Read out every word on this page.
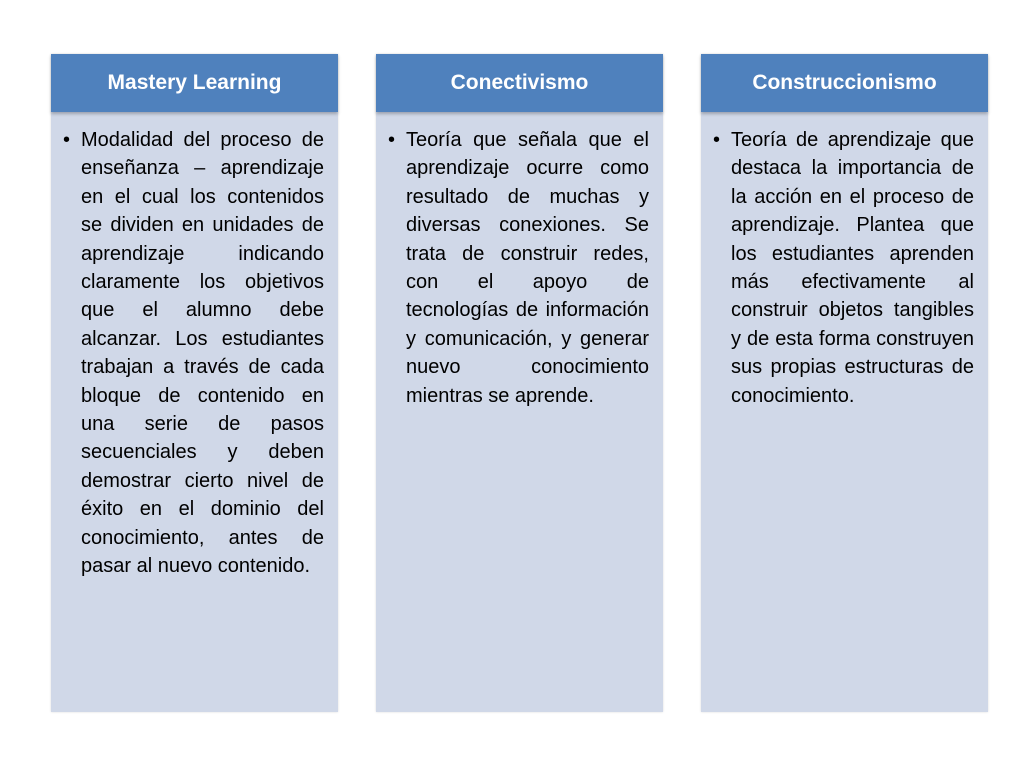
Mastery Learning
• Modalidad del proceso de enseñanza – aprendizaje en el cual los contenidos se dividen en unidades de aprendizaje indicando claramente los objetivos que el alumno debe alcanzar. Los estudiantes trabajan a través de cada bloque de contenido en una serie de pasos secuenciales y deben demostrar cierto nivel de éxito en el dominio del conocimiento, antes de pasar al nuevo contenido.
Conectivismo
• Teoría que señala que el aprendizaje ocurre como resultado de muchas y diversas conexiones. Se trata de construir redes, con el apoyo de tecnologías de información y comunicación, y generar nuevo conocimiento mientras se aprende.
Construccionismo
• Teoría de aprendizaje que destaca la importancia de la acción en el proceso de aprendizaje. Plantea que los estudiantes aprenden más efectivamente al construir objetos tangibles y de esta forma construyen sus propias estructuras de conocimiento.
